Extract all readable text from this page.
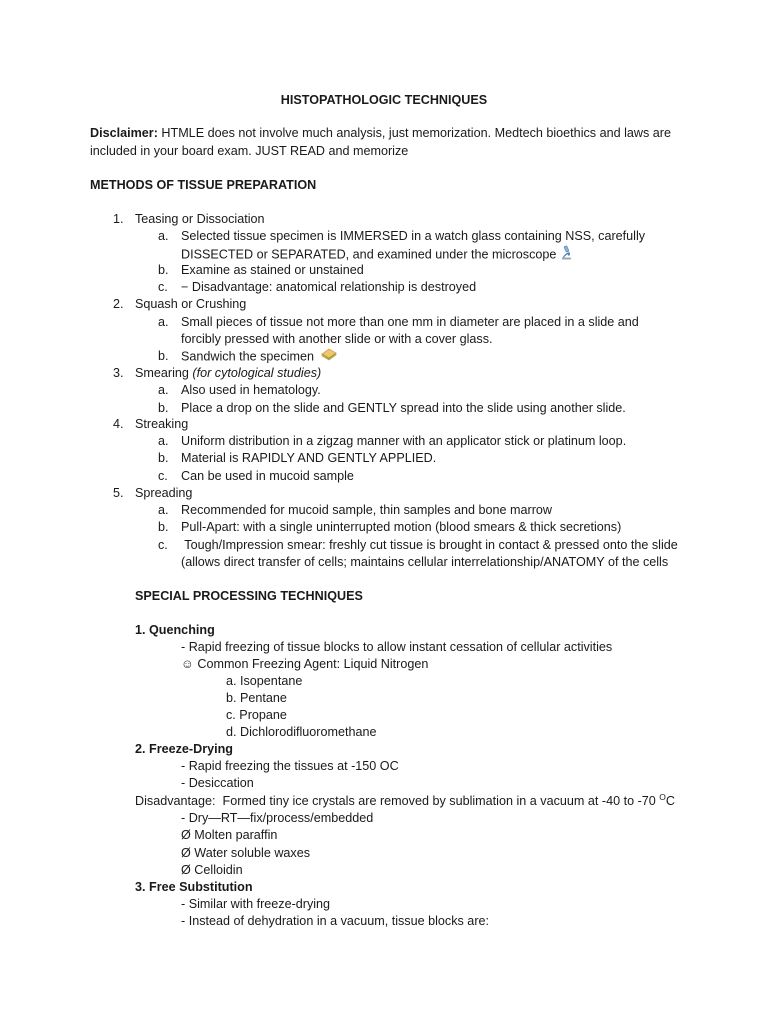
HISTOPATHOLOGIC TECHNIQUES
Disclaimer: HTMLE does not involve much analysis, just memorization. Medtech bioethics and laws are
included in your board exam. JUST READ and memorize
METHODS OF TISSUE PREPARATION
1. Teasing or Dissociation
a. Selected tissue specimen is IMMERSED in a watch glass containing NSS, carefully
DISSECTED or SEPARATED, and examined under the microscope
b. Examine as stained or unstained
c. − Disadvantage: anatomical relationship is destroyed
2. Squash or Crushing
a. Small pieces of tissue not more than one mm in diameter are placed in a slide and
forcibly pressed with another slide or with a cover glass.
b. Sandwich the specimen
3. Smearing (for cytological studies)
a. Also used in hematology.
b. Place a drop on the slide and GENTLY spread into the slide using another slide.
4. Streaking
a. Uniform distribution in a zigzag manner with an applicator stick or platinum loop.
b. Material is RAPIDLY AND GENTLY APPLIED.
c. Can be used in mucoid sample
5. Spreading
a. Recommended for mucoid sample, thin samples and bone marrow
b. Pull-Apart: with a single uninterrupted motion (blood smears & thick secretions)
c. Tough/Impression smear: freshly cut tissue is brought in contact & pressed onto the slide
(allows direct transfer of cells; maintains cellular interrelationship/ANATOMY of the cells
SPECIAL PROCESSING TECHNIQUES
1. Quenching
- Rapid freezing of tissue blocks to allow instant cessation of cellular activities
☺ Common Freezing Agent: Liquid Nitrogen
a. Isopentane
b. Pentane
c. Propane
d. Dichlorodifluoromethane
2. Freeze-Drying
- Rapid freezing the tissues at -150 OC
- Desiccation
Disadvantage:  Formed tiny ice crystals are removed by sublimation in a vacuum at -40 to -70 $^O$C
- Dry—RT—fix/process/embedded
Ø Molten paraffin
Ø Water soluble waxes
Ø Celloidin
3. Free Substitution
- Similar with freeze-drying
- Instead of dehydration in a vacuum, tissue blocks are:
